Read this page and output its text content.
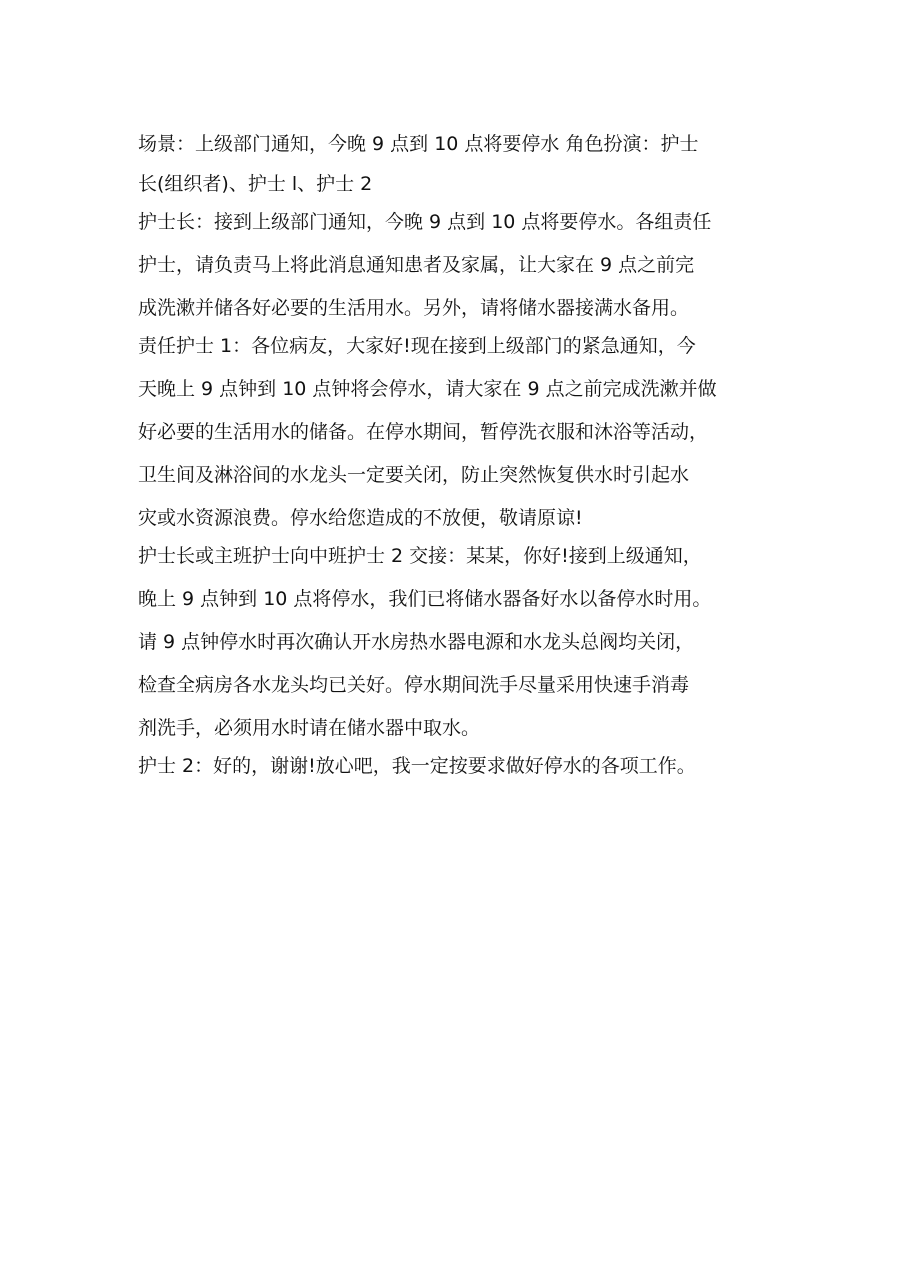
场景：上级部门通知，今晚 9 点到 10 点将要停水 角色扮演：护士
长(组织者)、护士 l、护士 2
护士长：接到上级部门通知，今晚 9 点到 10 点将要停水。各组责任
护士，请负责马上将此消息通知患者及家属，让大家在 9 点之前完
成洗漱并储各好必要的生活用水。另外，请将储水器接满水备用。
责任护士 1：各位病友，大家好!现在接到上级部门的紧急通知，今
天晚上 9 点钟到 10 点钟将会停水，请大家在 9 点之前完成洗漱并做
好必要的生活用水的储备。在停水期间，暂停洗衣服和沐浴等活动，
卫生间及淋浴间的水龙头一定要关闭，防止突然恢复供水时引起水
灾或水资源浪费。停水给您造成的不放便，敬请原谅!
护士长或主班护士向中班护士 2 交接：某某，你好!接到上级通知，
晚上 9 点钟到 10 点将停水，我们已将储水器备好水以备停水时用。
请 9 点钟停水时再次确认开水房热水器电源和水龙头总阀均关闭，
检查全病房各水龙头均已关好。停水期间洗手尽量采用快速手消毒
剂洗手，必须用水时请在储水器中取水。
护士 2：好的，谢谢!放心吧，我一定按要求做好停水的各项工作。
